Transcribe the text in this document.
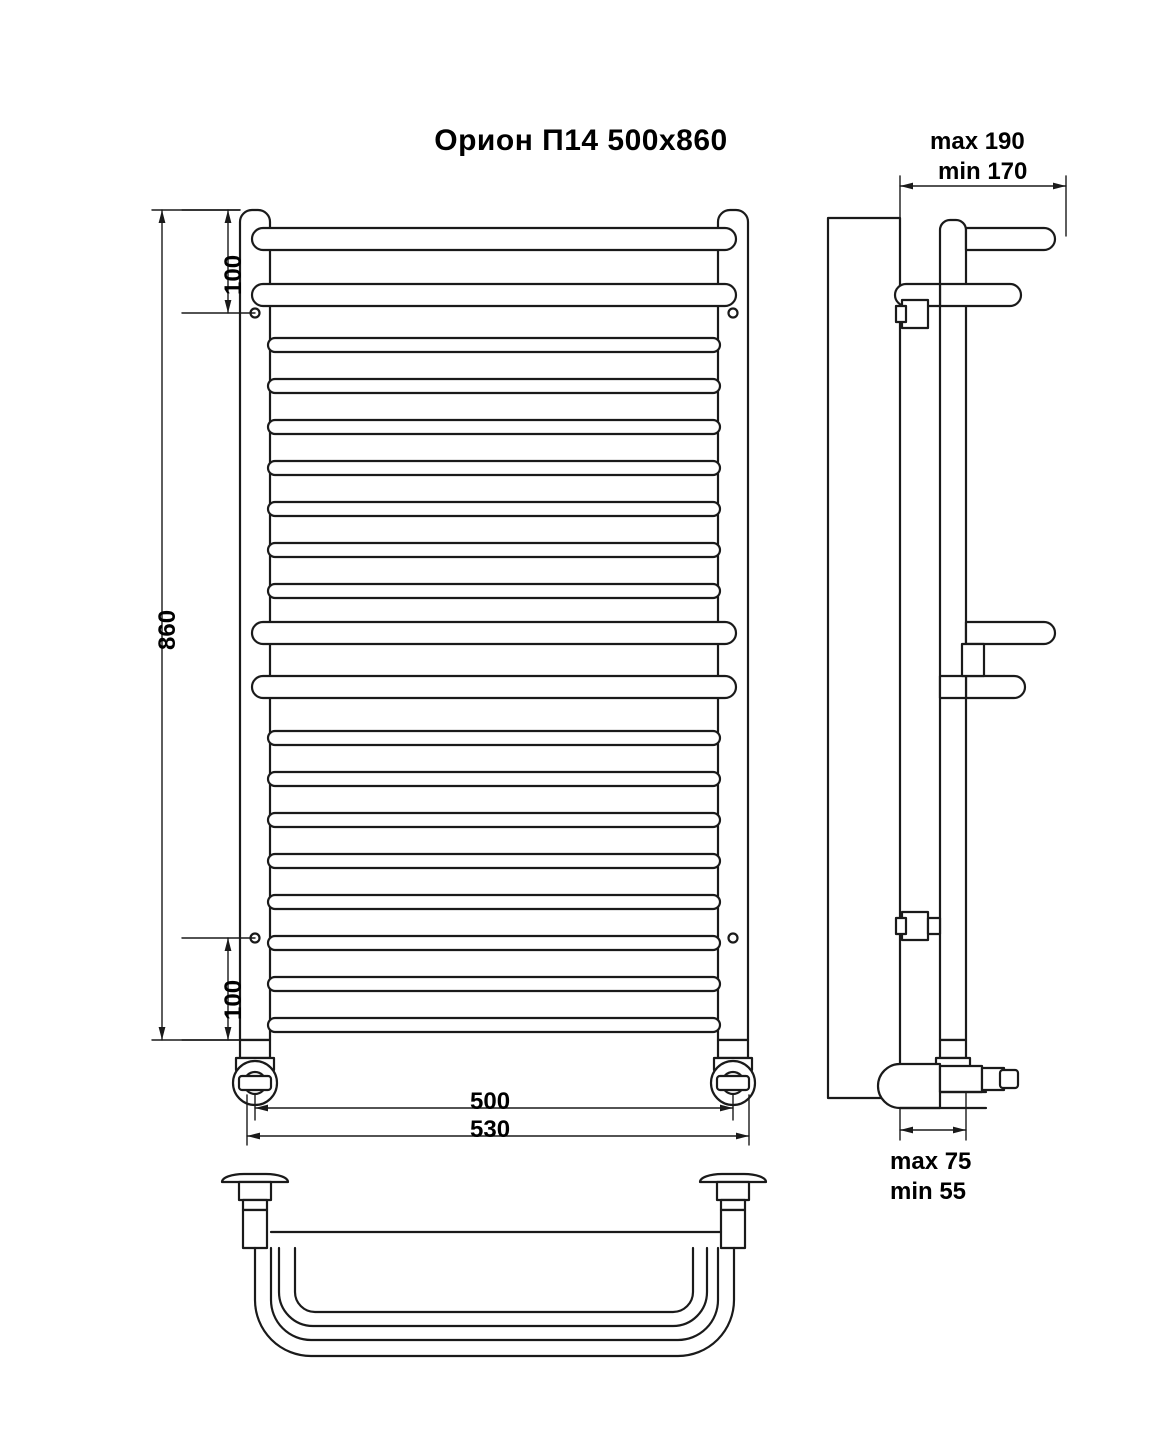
Орион П14 500x860
860
100
100
500
530
max 190
min 170
max 75
min 55
